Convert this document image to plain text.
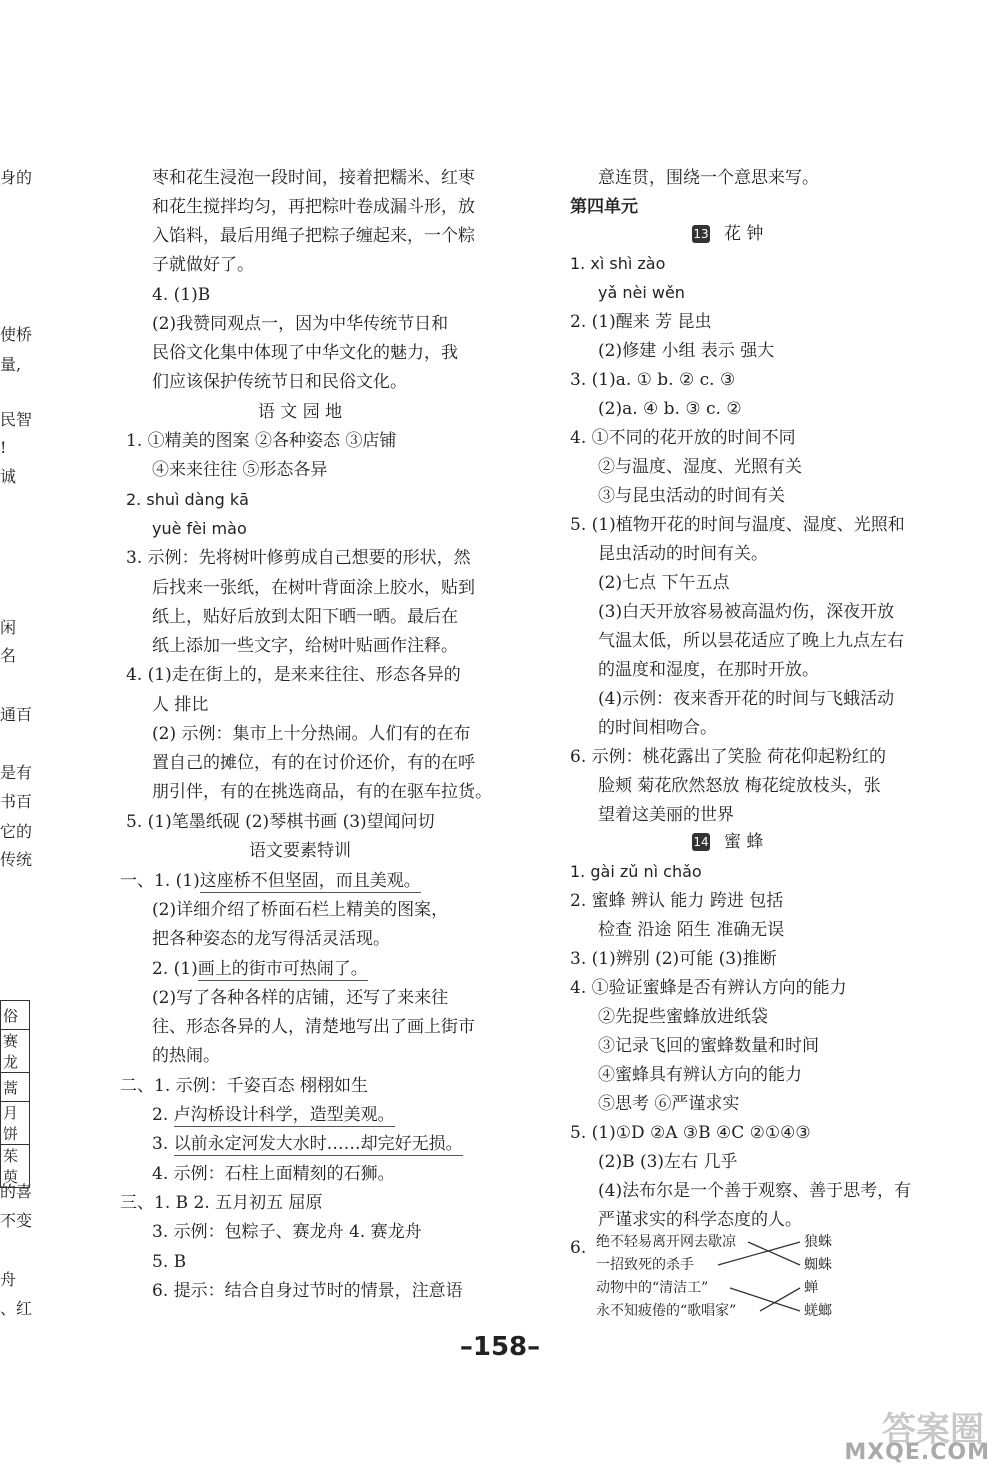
身的
使桥
量,
民智
!
诚
闲
名
通百
是有
书百
它的
传统
的喜
不变
舟
、红
俗
赛龙
蒿
月饼
茱萸
枣和花生浸泡一段时间，接着把糯米、红枣
和花生搅拌均匀，再把粽叶卷成漏斗形，放
入馅料，最后用绳子把粽子缠起来，一个粽
子就做好了。
4. (1)B
(2)我赞同观点一，因为中华传统节日和
民俗文化集中体现了中华文化的魅力，我
们应该保护传统节日和民俗文化。
语 文 园 地
1. ①精美的图案 ②各种姿态 ③店铺
④来来往往 ⑤形态各异
2. shuì dàng kā
yuè fèi mào
3. 示例：先将树叶修剪成自己想要的形状，然
后找来一张纸，在树叶背面涂上胶水，贴到
纸上，贴好后放到太阳下晒一晒。最后在
纸上添加一些文字，给树叶贴画作注释。
4. (1)走在街上的，是来来往往、形态各异的
人 排比
(2) 示例：集市上十分热闹。人们有的在布
置自己的摊位，有的在讨价还价，有的在呼
朋引伴，有的在挑选商品，有的在驱车拉货。
5. (1)笔墨纸砚 (2)琴棋书画 (3)望闻问切
语文要素特训
一、1. (1)这座桥不但坚固，而且美观。
(2)详细介绍了桥面石栏上精美的图案，
把各种姿态的龙写得活灵活现。
2. (1)画上的街市可热闹了。
(2)写了各种各样的店铺，还写了来来往
往、形态各异的人，清楚地写出了画上街市
的热闹。
二、1. 示例：千姿百态 栩栩如生
2. 卢沟桥设计科学，造型美观。
3. 以前永定河发大水时……却完好无损。
4. 示例：石柱上面精刻的石狮。
三、1. B 2. 五月初五 屈原
3. 示例：包粽子、赛龙舟 4. 赛龙舟
5. B
6. 提示：结合自身过节时的情景，注意语
意连贯，围绕一个意思来写。
第四单元
13 花 钟
1. xì shì zào
yǎ nèi wěn
2. (1)醒来 芳 昆虫
(2)修建 小组 表示 强大
3. (1)a. ① b. ② c. ③
(2)a. ④ b. ③ c. ②
4. ①不同的花开放的时间不同
②与温度、湿度、光照有关
③与昆虫活动的时间有关
5. (1)植物开花的时间与温度、湿度、光照和
昆虫活动的时间有关。
(2)七点 下午五点
(3)白天开放容易被高温灼伤，深夜开放
气温太低，所以昙花适应了晚上九点左右
的温度和湿度，在那时开放。
(4)示例：夜来香开花的时间与飞蛾活动
的时间相吻合。
6. 示例：桃花露出了笑脸 荷花仰起粉红的
脸颊 菊花欣然怒放 梅花绽放枝头，张
望着这美丽的世界
14 蜜 蜂
1. gài zǔ nì chǎo
2. 蜜蜂 辨认 能力 跨进 包括
检查 沿途 陌生 准确无误
3. (1)辨别 (2)可能 (3)推断
4. ①验证蜜蜂是否有辨认方向的能力
②先捉些蜜蜂放进纸袋
③记录飞回的蜜蜂数量和时间
④蜜蜂具有辨认方向的能力
⑤思考 ⑥严谨求实
5. (1)①D ②A ③B ④C ②①④③
(2)B (3)左右 几乎
(4)法布尔是一个善于观察、善于思考，有
严谨求实的科学态度的人。
6. 绝不轻易离开网去歇凉
一招致死的杀手
动物中的“清洁工”
永不知疲倦的“歌唱家”
狼蛛
蜘蛛
蝉
蜣螂
–158–
答案圈
MXQE.COM
